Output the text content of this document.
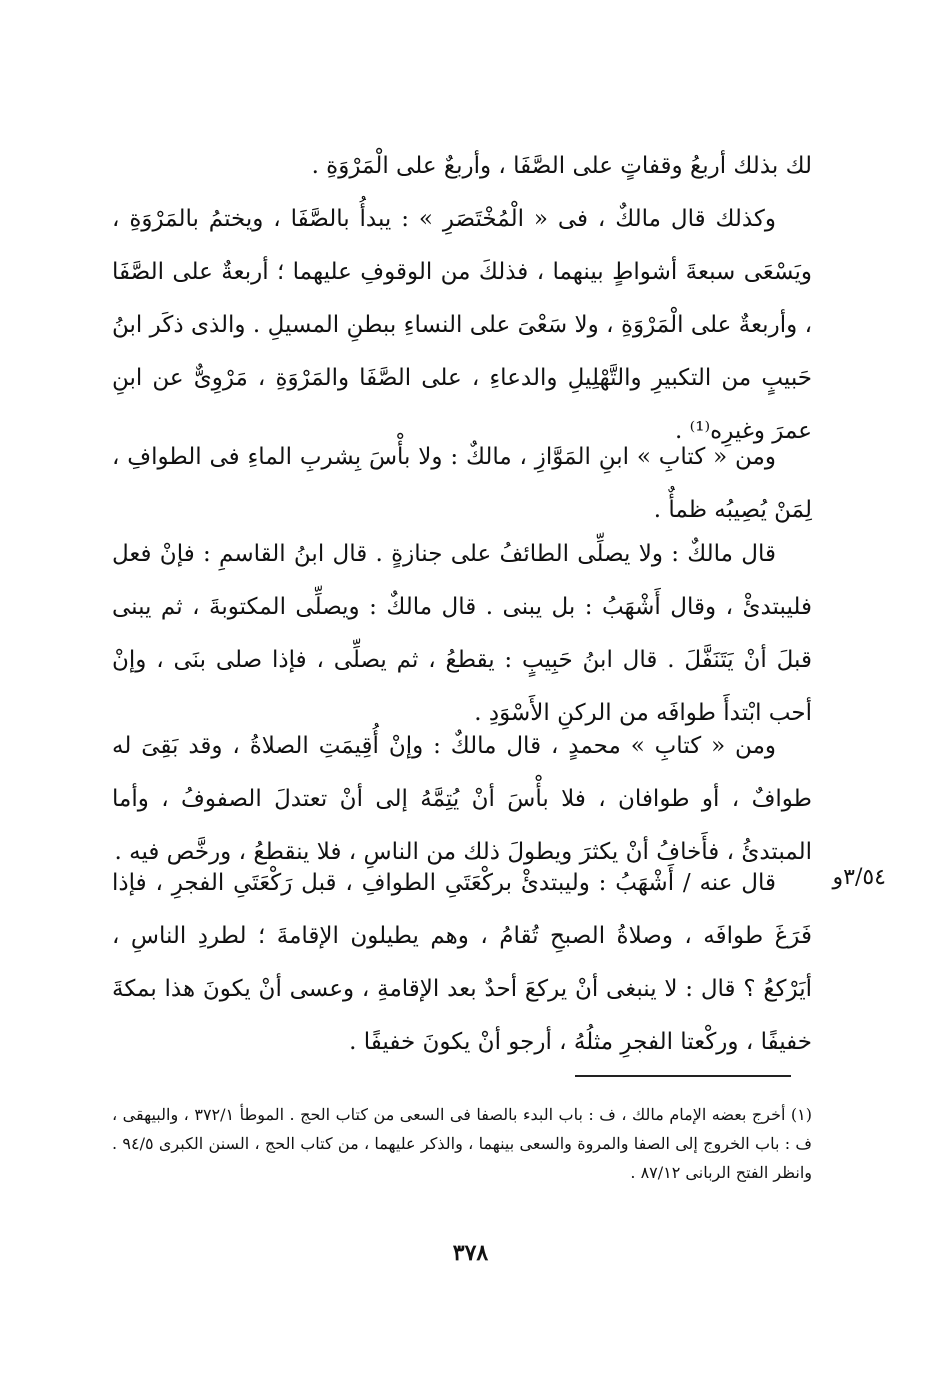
لك بذلك أربعُ وقفاتٍ على الصَّفَا ، وأربعٌ على الْمَرْوَةِ .

وكذلك قال مالكٌ ، فى « الْمُخْتَصَرِ » : يبدأُ بالصَّفَا ، ويختمُ بالمَرْوَةِ ، ويَسْعَى سبعةَ أشواطٍ بينهما ، فذلكَ من الوقوفِ عليهما ؛ أربعةٌ على الصَّفَا ، وأربعةٌ على الْمَرْوَةِ ، ولا سَعْىَ على النساءِ ببطنِ المسيلِ . والذى ذكَر ابنُ حَبيبٍ من التكبيرِ والتَّهْلِيلِ والدعاءِ ، على الصَّفَا والمَرْوَةِ ، مَرْوِىٌّ عن ابنِ عمرَ وغيرِه⁽¹⁾ .

ومن « كتابِ » ابنِ المَوَّازِ ، مالكٌ : ولا بأْسَ بِشربِ الماءِ فى الطوافِ ، لِمَنْ يُصِيبُه ظمأٌ .

قال مالكٌ : ولا يصلِّى الطائفُ على جنازةٍ . قال ابنُ القاسمِ : فإنْ فعل فليبتدئْ ، وقال أَشْهَبُ : بل يبنى . قال مالكٌ : ويصلِّى المكتوبةَ ، ثم يبنى قبلَ أنْ يَتَنَفَّلَ . قال ابنُ حَبِيبٍ : يقطعُ ، ثم يصلِّى ، فإذا صلى بنَى ، وإنْ أحب ابْتدأَ طوافَه من الركنِ الأَسْوَدِ .

ومن « كتابِ » محمدٍ ، قال مالكٌ : وإنْ أُقِيمَتِ الصلاةُ ، وقد بَقِىَ له طوافٌ ، أو طوافان ، فلا بأْسَ أنْ يُتِمَّهُ إلى أنْ تعتدلَ الصفوفُ ، وأما المبتدئُ ، فأَخافُ أنْ يكثرَ ويطولَ ذلك من الناسِ ، فلا ينقطعُ ، ورخَّص فيه .

قال عنه / أَشْهَبُ : وليبتدئْ بركْعَتَىِ الطوافِ ، قبل رَكْعَتَىِ الفجرِ ، فإذا فَرَغَ طوافَه ، وصلاةُ الصبحِ تُقامُ ، وهم يطيلون الإقامةَ ؛ لطردِ الناسِ ، أيَرْكعُ ؟ قال : لا ينبغى أنْ يركعَ أحدٌ بعد الإقامةِ ، وعسى أنْ يكونَ هذا بمكةَ خفيفًا ، وركْعتا الفجرِ مثلُهُ ، أرجو أنْ يكونَ خفيفًا .

٣/٥٤و
(١) أخرج بعضه الإمام مالك ، ف : باب البدء بالصفا فى السعى من كتاب الحج . الموطأ ٣٧٢/١ ، والبيهقى ، ف : باب الخروج إلى الصفا والمروة والسعى بينهما ، والذكر عليهما ، من كتاب الحج ، السنن الكبرى ٩٤/٥ . وانظر الفتح الربانى ٨٧/١٢ .
٣٧٨
